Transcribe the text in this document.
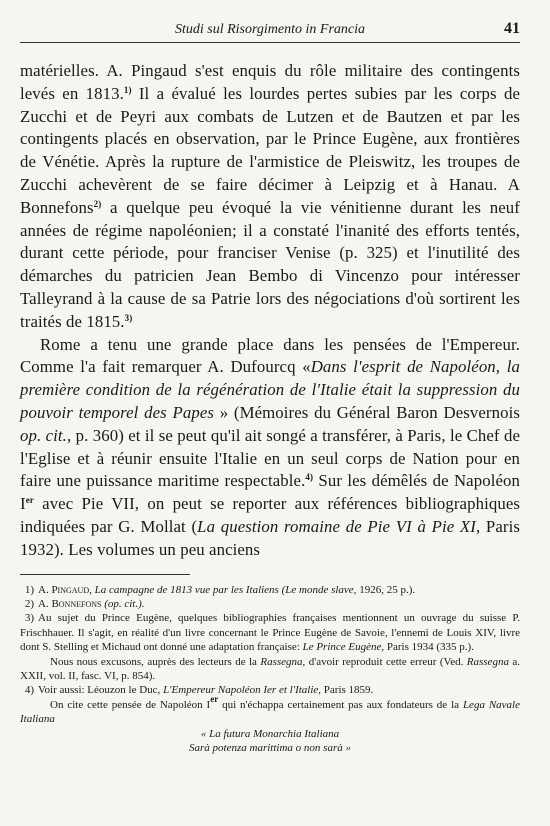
Studi sul Risorgimento in Francia	41

matérielles. A. Pingaud s'est enquis du rôle militaire des contingents levés en 1813.$^{1)}$ Il a évalué les lourdes pertes subies par les corps de Zucchi et de Peyri aux combats de Lutzen et de Bautzen et par les contingents placés en observation, par le Prince Eugène, aux frontières de Vénétie. Après la rupture de l'armistice de Pleiswitz, les troupes de Zucchi achevèrent de se faire décimer à Leipzig et à Hanau. A Bonnefons$^{2)}$ a quelque peu évoqué la vie vénitienne durant les neuf années de régime napoléonien; il a constaté l'inanité des efforts tentés, durant cette période, pour franciser Venise (p. 325) et l'inutilité des démarches du patricien Jean Bembo di Vincenzo pour intéresser Talleyrand à la cause de sa Patrie lors des négociations d'où sortirent les traités de 1815.$^{3)}$

Rome a tenu une grande place dans les pensées de l'Empereur. Comme l'a fait remarquer A. Dufourcq «Dans l'esprit de Napoléon, la première condition de la régénération de l'Italie était la suppression du pouvoir temporel des Papes » (Mémoires du Général Baron Desvernois op. cit., p. 360) et il se peut qu'il ait songé a transférer, à Paris, le Chef de l'Eglise et à réunir ensuite l'Italie en un seul corps de Nation pour en faire une puissance maritime respectable.$^{4)}$ Sur les démêlés de Napoléon Ier avec Pie VII, on peut se reporter aux références bibliographiques indiquées par G. Mollat (La question romaine de Pie VI à Pie XI, Paris 1932). Les volumes un peu anciens

1) A. Pingaud, La campagne de 1813 vue par les Italiens (Le monde slave, 1926, 25 p.).

2) A. Bonnefons (op. cit.).

3) Au sujet du Prince Eugène, quelques bibliographies françaises mentionnent un ouvrage du suisse P. Frischhauer. Il s'agit, en réalité d'un livre concernant le Prince Eugène de Savoie, l'ennemi de Louis XIV, livre dont S. Stelling et Michaud ont donné une adaptation française: Le Prince Eugène, Paris 1934 (335 p.).

Nous nous excusons, auprès des lecteurs de la Rassegna, d'avoir reproduit cette erreur (Ved. Rassegna a. XXII, vol. II, fasc. VI, p. 854).

4) Voir aussi: Léouzon le Duc, L'Empereur Napoléon Ier et l'Italie, Paris 1859.

On cite cette pensée de Napoléon Ier qui n'échappa certainement pas aux fondateurs de la Lega Navale Italiana

« La futura Monarchia Italiana

Sarà potenza marittima o non sarà »
